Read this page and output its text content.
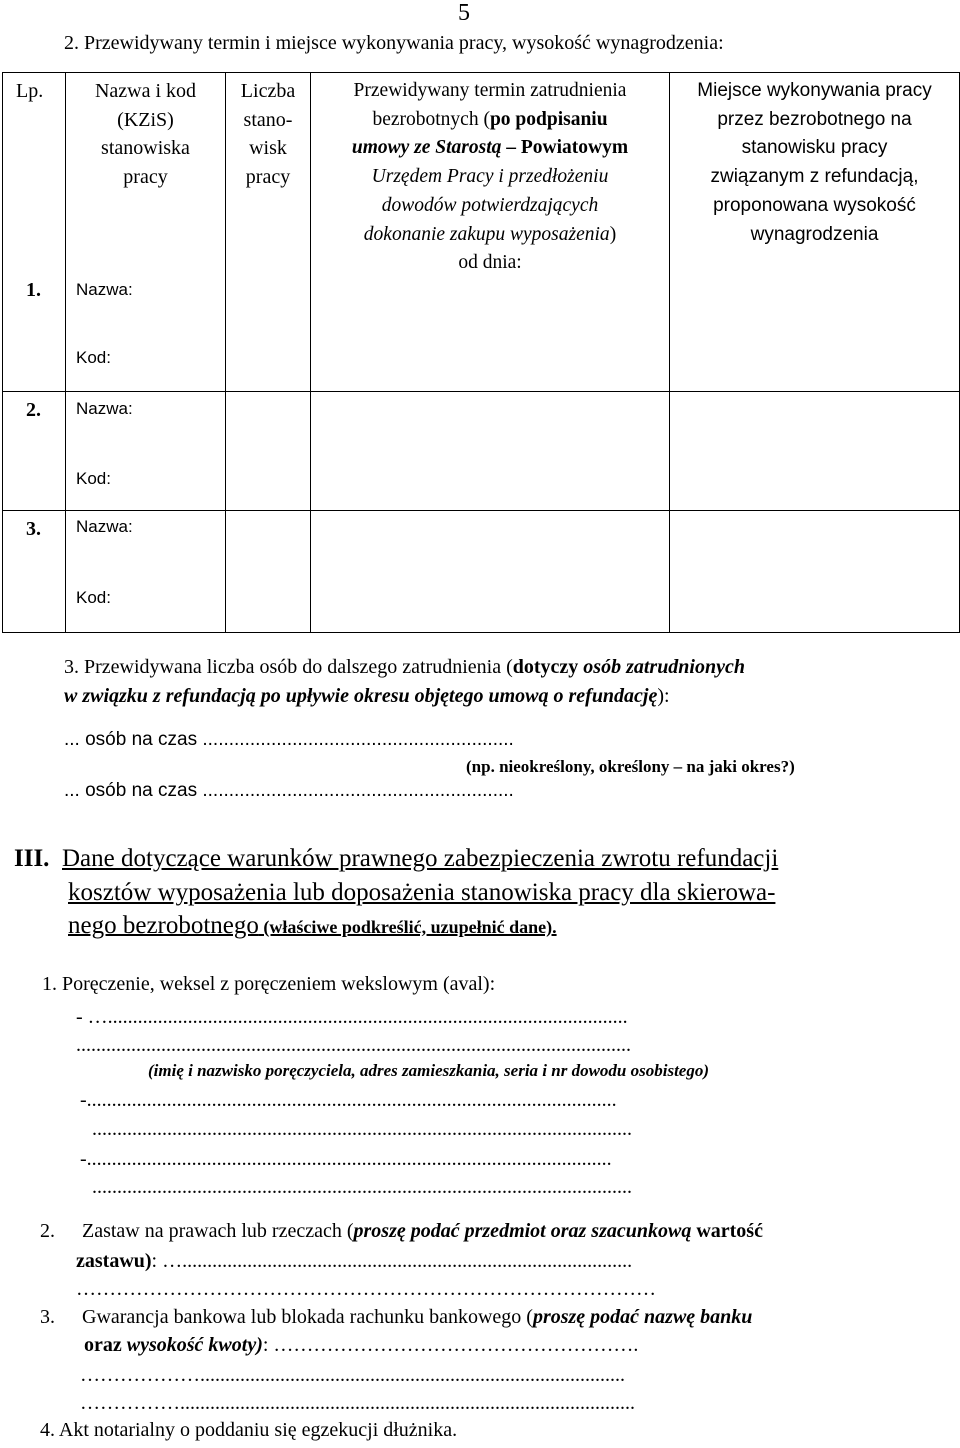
5
2. Przewidywany termin i miejsce wykonywania pracy, wysokość wynagrodzenia:
Lp.	Nazwa i kod
(KZiS)
stanowiska
pracy
Liczba
stano-
wisk
pracy
Przewidywany termin zatrudnienia
bezrobotnych (po podpisaniu
umowy ze Starostą – Powiatowym
Urzędem Pracy i przedłożeniu
dowodów potwierdzających
dokonanie zakupu wyposażenia)
od dnia:
Miejsce wykonywania pracy
przez bezrobotnego na
stanowisku pracy
związanym z refundacją,
proponowana wysokość
wynagrodzenia
1. Nazwa:
Kod:
2. Nazwa:
Kod:
3. Nazwa:
Kod:
3. Przewidywana liczba osób do dalszego zatrudnienia (dotyczy osób zatrudnionych
w związku z refundacją po upływie okresu objętego umową o refundację):
... osób na czas ...........................................................
(np. nieokreślony, określony – na jaki okres?)
... osób na czas ...........................................................
III. Dane dotyczące warunków prawnego zabezpieczenia zwrotu refundacji
kosztów wyposażenia lub doposażenia stanowiska pracy dla skierowa-
nego bezrobotnego (właściwe podkreślić, uzupełnić dane).
1. Poręczenie, weksel z poręczeniem wekslowym (aval):
- …........................................................................................................
...............................................................................................................
(imię i nazwisko poręczyciela, adres zamieszkania, seria i nr dowodu osobistego)
-..........................................................................................................
............................................................................................................
-.........................................................................................................
............................................................................................................
2. Zastaw na prawach lub rzeczach (proszę podać przedmiot oraz szacunkową wartość
zastawu): …..........................................................................................
……………………………………………………………………………
3. Gwarancja bankowa lub blokada rachunku bankowego (proszę podać nazwę banku
oraz wysokość kwoty): ……………………………………………….
……………….....................................................................................
……………...........................................................................................
4. Akt notarialny o poddaniu się egzekucji dłużnika.
